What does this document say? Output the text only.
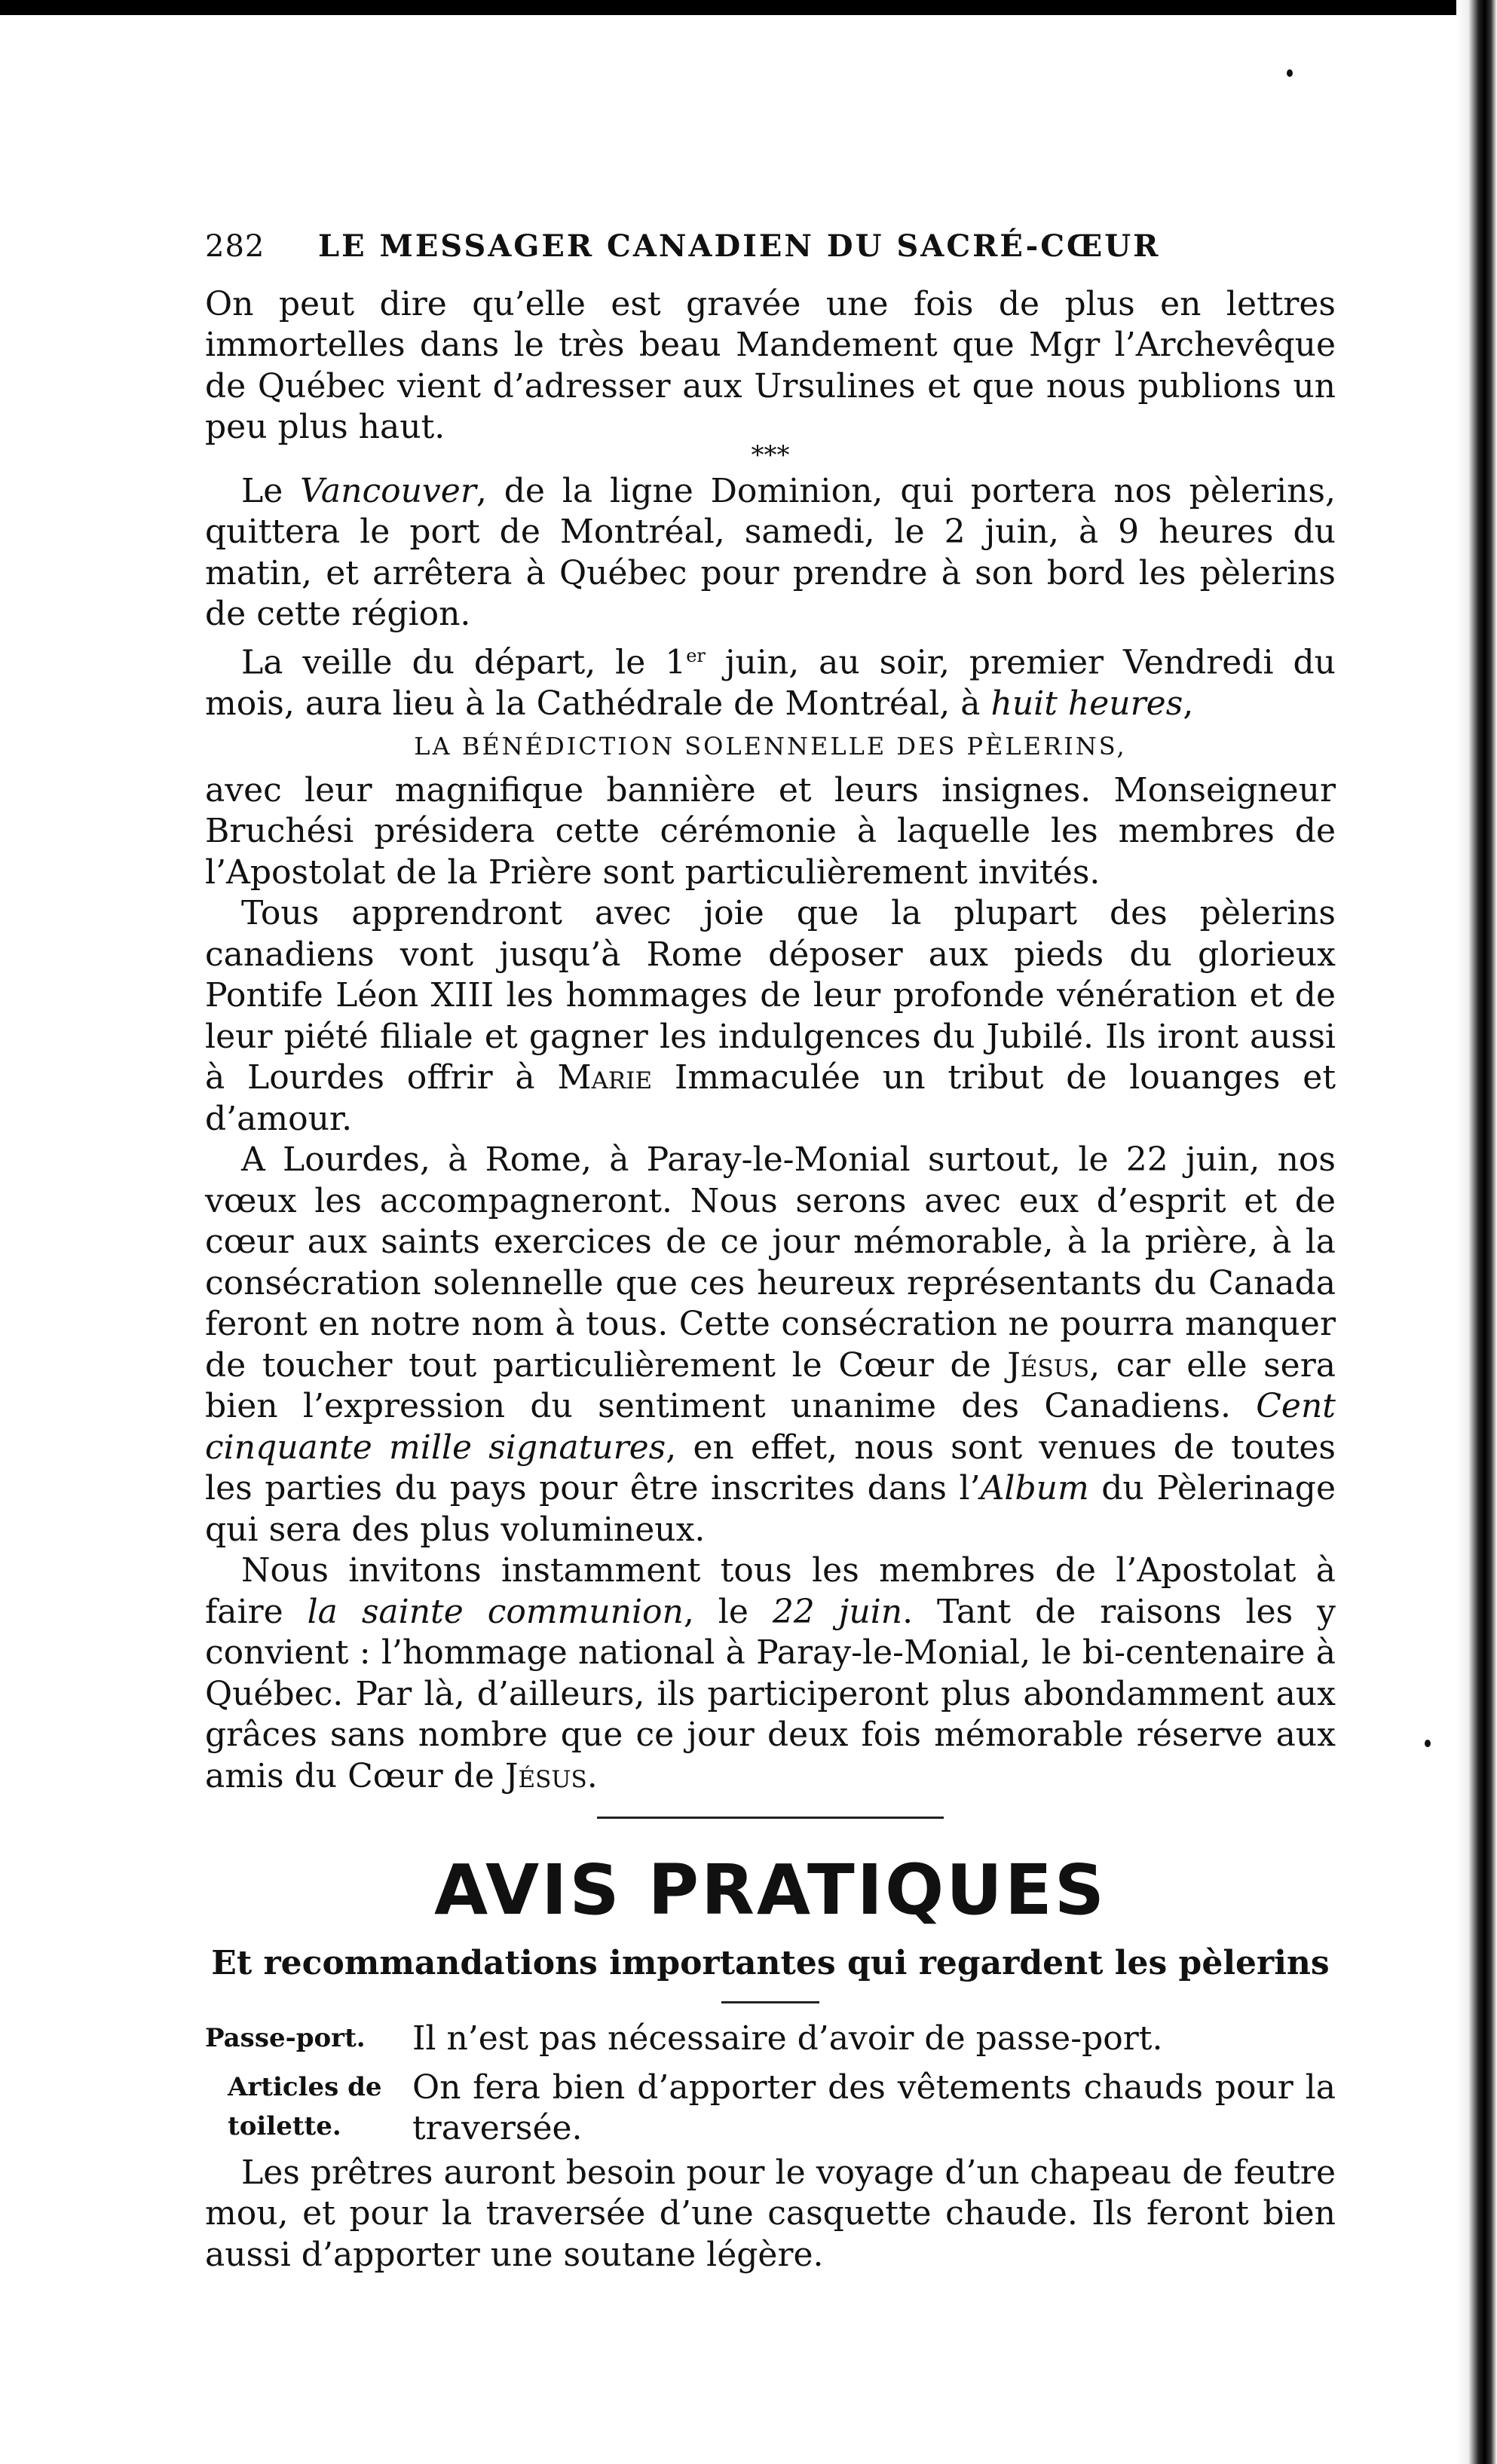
282	LE MESSAGER CANADIEN DU SACRÉ-CŒUR

On peut dire qu’elle est gravée une fois de plus en lettres immortelles dans le très beau Mandement que Mgr l’Archevêque de Québec vient d’adresser aux Ursulines et que nous publions un peu plus haut.

***

Le Vancouver, de la ligne Dominion, qui portera nos pèlerins, quittera le port de Montréal, samedi, le 2 juin, à 9 heures du matin, et arrêtera à Québec pour prendre à son bord les pèlerins de cette région.

La veille du départ, le 1er juin, au soir, premier Vendredi du mois, aura lieu à la Cathédrale de Montréal, à huit heures,

LA BÉNÉDICTION SOLENNELLE DES PÈLERINS,

avec leur magnifique bannière et leurs insignes. Monseigneur Bruchési présidera cette cérémonie à laquelle les membres de l’Apostolat de la Prière sont particulièrement invités.

Tous apprendront avec joie que la plupart des pèlerins canadiens vont jusqu’à Rome déposer aux pieds du glorieux Pontife Léon XIII les hommages de leur profonde vénération et de leur piété filiale et gagner les indulgences du Jubilé. Ils iront aussi à Lourdes offrir à Marie Immaculée un tribut de louanges et d’amour.

A Lourdes, à Rome, à Paray-le-Monial surtout, le 22 juin, nos vœux les accompagneront. Nous serons avec eux d’esprit et de cœur aux saints exercices de ce jour mémorable, à la prière, à la consécration solennelle que ces heureux représentants du Canada feront en notre nom à tous. Cette consécration ne pourra manquer de toucher tout particulièrement le Cœur de Jésus, car elle sera bien l’expression du sentiment unanime des Canadiens. Cent cinquante mille signatures, en effet, nous sont venues de toutes les parties du pays pour être inscrites dans l’Album du Pèlerinage qui sera des plus volumineux.

Nous invitons instamment tous les membres de l’Apostolat à faire la sainte communion, le 22 juin. Tant de raisons les y convient : l’hommage national à Paray-le-Monial, le bi-centenaire à Québec. Par là, d’ailleurs, ils participeront plus abondamment aux grâces sans nombre que ce jour deux fois mémorable réserve aux amis du Cœur de Jésus.

AVIS PRATIQUES
Et recommandations importantes qui regardent les pèlerins
Passe-port.	Il n’est pas nécessaire d’avoir de passe-port.
Articles de toilette.
On fera bien d’apporter des vêtements chauds pour la traversée.

Les prêtres auront besoin pour le voyage d’un chapeau de feutre mou, et pour la traversée d’une casquette chaude. Ils feront bien aussi d’apporter une soutane légère.
